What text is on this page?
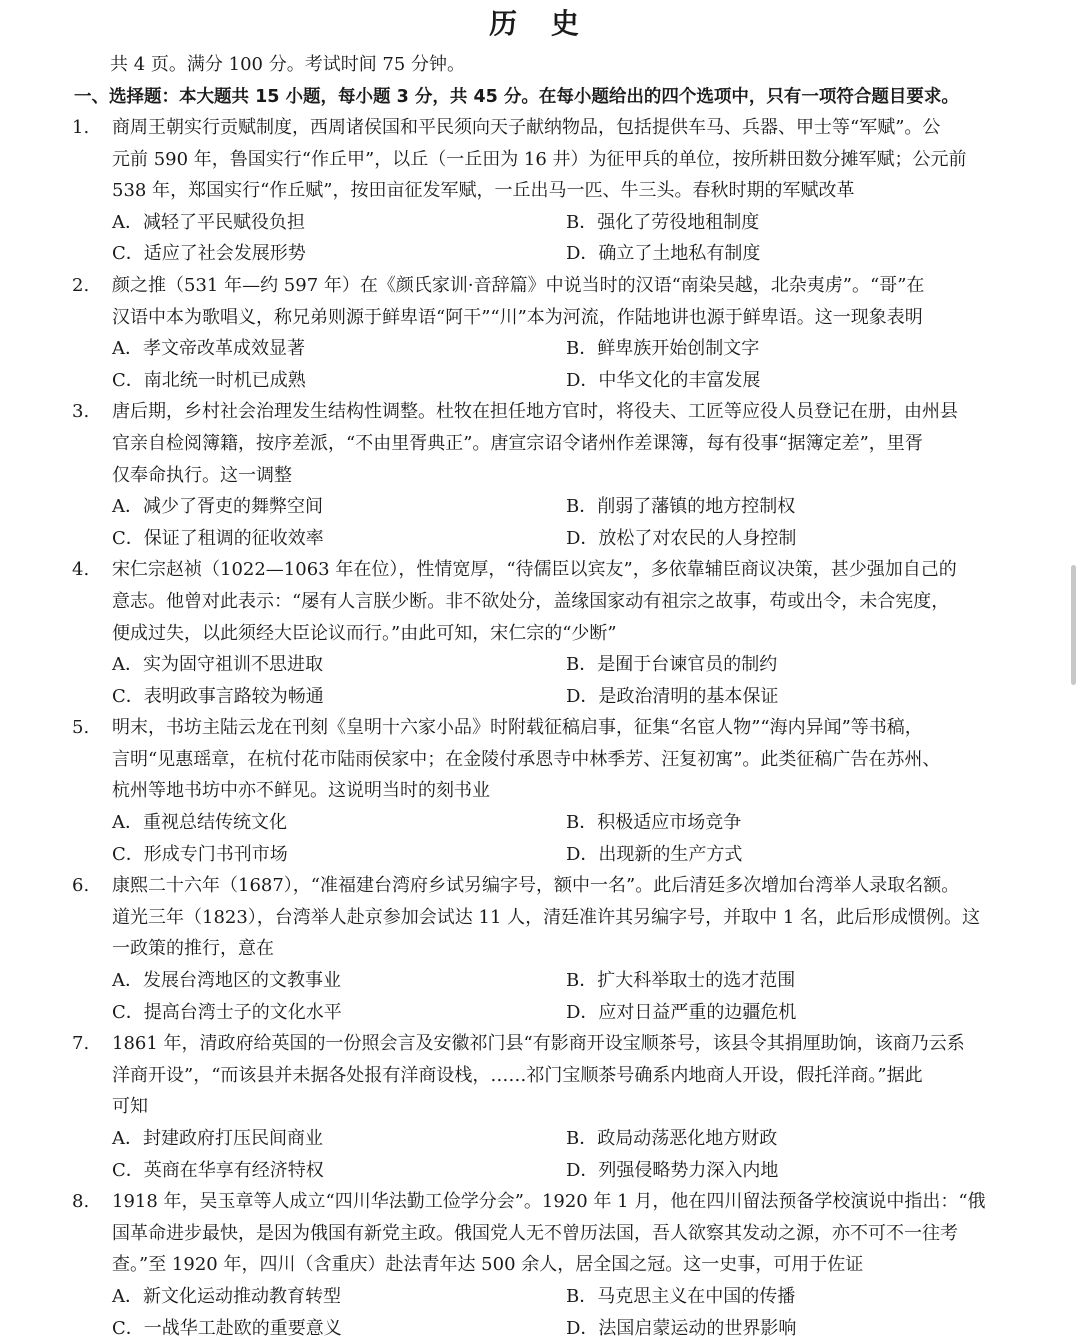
历 史
共 4 页。满分 100 分。考试时间 75 分钟。
一、选择题：本大题共 15 小题，每小题 3 分，共 45 分。在每小题给出的四个选项中，只有一项符合题目要求。
1.	商周王朝实行贡赋制度，西周诸侯国和平民须向天子献纳物品，包括提供车马、兵器、甲士等“军赋”。公
元前 590 年，鲁国实行“作丘甲”，以丘（一丘田为 16 井）为征甲兵的单位，按所耕田数分摊军赋；公元前
538 年，郑国实行“作丘赋”，按田亩征发军赋，一丘出马一匹、牛三头。春秋时期的军赋改革
A．减轻了平民赋役负担	B．强化了劳役地租制度
C．适应了社会发展形势	D．确立了土地私有制度
2.	颜之推（531 年—约 597 年）在《颜氏家训·音辞篇》中说当时的汉语“南染吴越，北杂夷虏”。“哥”在
汉语中本为歌唱义，称兄弟则源于鲜卑语“阿干”“川”本为河流，作陆地讲也源于鲜卑语。这一现象表明
A．孝文帝改革成效显著	B．鲜卑族开始创制文字
C．南北统一时机已成熟	D．中华文化的丰富发展
3.	唐后期，乡村社会治理发生结构性调整。杜牧在担任地方官时，将役夫、工匠等应役人员登记在册，由州县
官亲自检阅簿籍，按序差派，“不由里胥典正”。唐宣宗诏令诸州作差课簿，每有役事“据簿定差”，里胥
仅奉命执行。这一调整
A．减少了胥吏的舞弊空间	B．削弱了藩镇的地方控制权
C．保证了租调的征收效率	D．放松了对农民的人身控制
4.	宋仁宗赵祯（1022—1063 年在位），性情宽厚，“待儒臣以宾友”，多依靠辅臣商议决策，甚少强加自己的
意志。他曾对此表示：“屡有人言朕少断。非不欲处分，盖缘国家动有祖宗之故事，苟或出令，未合宪度，
便成过失，以此须经大臣论议而行。”由此可知，宋仁宗的“少断”
A．实为固守祖训不思进取	B．是囿于台谏官员的制约
C．表明政事言路较为畅通	D．是政治清明的基本保证
5.	明末，书坊主陆云龙在刊刻《皇明十六家小品》时附载征稿启事，征集“名宦人物”“海内异闻”等书稿，
言明“见惠瑶章，在杭付花市陆雨侯家中；在金陵付承恩寺中林季芳、汪复初寓”。此类征稿广告在苏州、
杭州等地书坊中亦不鲜见。这说明当时的刻书业
A．重视总结传统文化	B．积极适应市场竞争
C．形成专门书刊市场	D．出现新的生产方式
6.	康熙二十六年（1687），“准福建台湾府乡试另编字号，额中一名”。此后清廷多次增加台湾举人录取名额。
道光三年（1823），台湾举人赴京参加会试达 11 人，清廷准许其另编字号，并取中 1 名，此后形成惯例。这
一政策的推行，意在
A．发展台湾地区的文教事业	B．扩大科举取士的选才范围
C．提高台湾士子的文化水平	D．应对日益严重的边疆危机
7.	1861 年，清政府给英国的一份照会言及安徽祁门县“有影商开设宝顺茶号，该县令其捐厘助饷，该商乃云系
洋商开设”，“而该县并未据各处报有洋商设栈，……祁门宝顺茶号确系内地商人开设，假托洋商。”据此
可知
A．封建政府打压民间商业	B．政局动荡恶化地方财政
C．英商在华享有经济特权	D．列强侵略势力深入内地
8.	1918 年，吴玉章等人成立“四川华法勤工俭学分会”。1920 年 1 月，他在四川留法预备学校演说中指出：“俄
国革命进步最快，是因为俄国有新党主政。俄国党人无不曾历法国，吾人欲察其发动之源，亦不可不一往考
查。”至 1920 年，四川（含重庆）赴法青年达 500 余人，居全国之冠。这一史事，可用于佐证
A．新文化运动推动教育转型	B．马克思主义在中国的传播
C．一战华工赴欧的重要意义	D．法国启蒙运动的世界影响
